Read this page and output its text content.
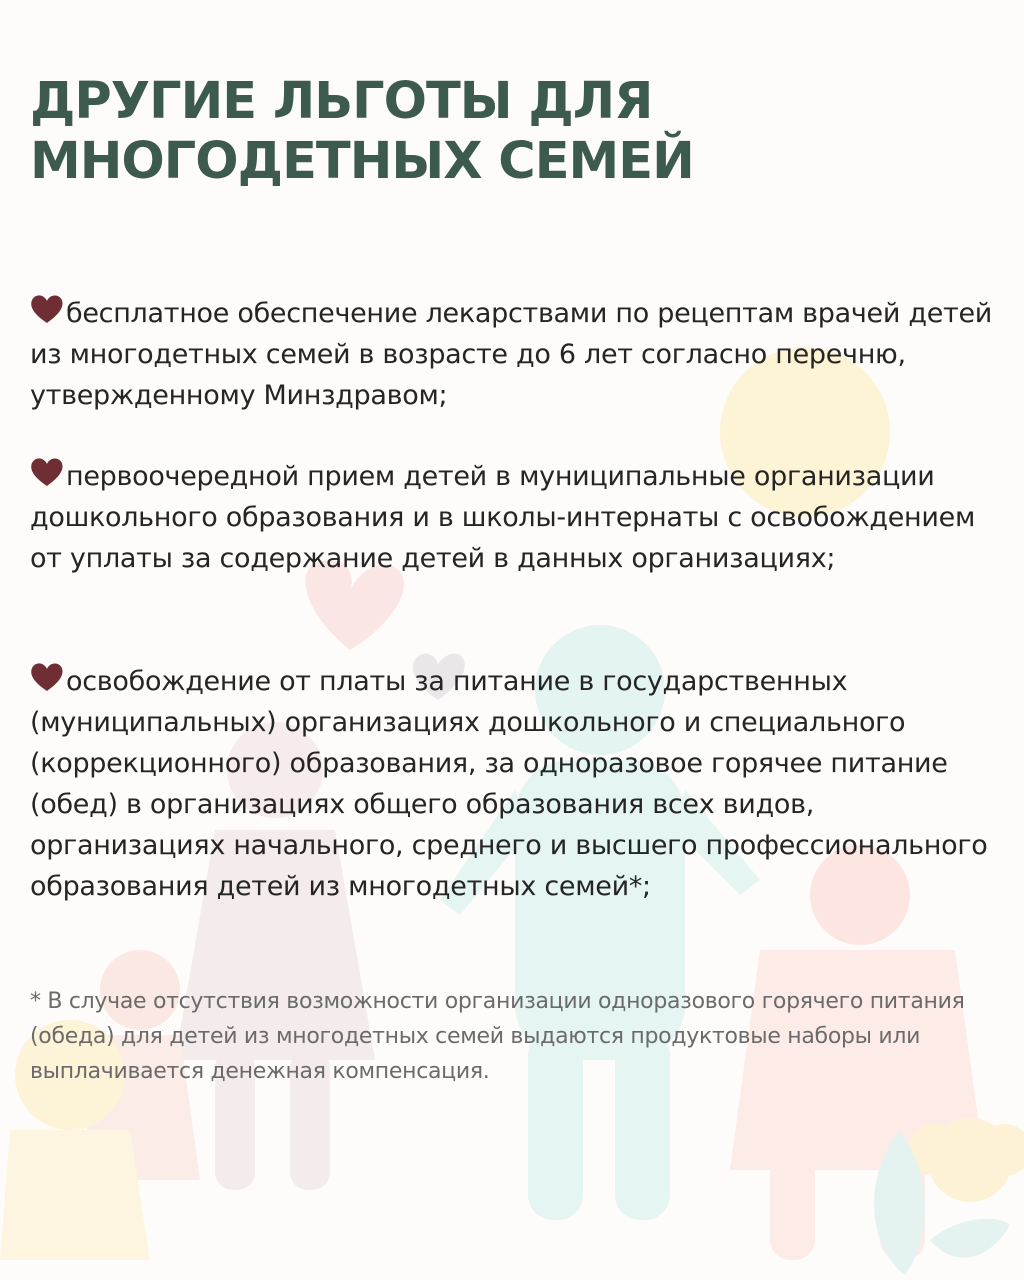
ДРУГИЕ ЛЬГОТЫ ДЛЯ МНОГОДЕТНЫХ СЕМЕЙ
бесплатное обеспечение лекарствами по рецептам врачей детей из многодетных семей в возрасте до 6 лет согласно перечню, утвержденному Минздравом;
первоочередной прием детей в муниципальные организации дошкольного образования и в школы-интернаты с освобождением от уплаты за содержание детей в данных организациях;
освобождение от платы за питание в государственных (муниципальных) организациях дошкольного и специального (коррекционного) образования, за одноразовое горячее питание (обед) в организациях общего образования всех видов, организациях начального, среднего и высшего профессионального образования детей из многодетных семей*;
* В случае отсутствия возможности организации одноразового горячего питания (обеда) для детей из многодетных семей выдаются продуктовые наборы или выплачивается денежная компенсация.
